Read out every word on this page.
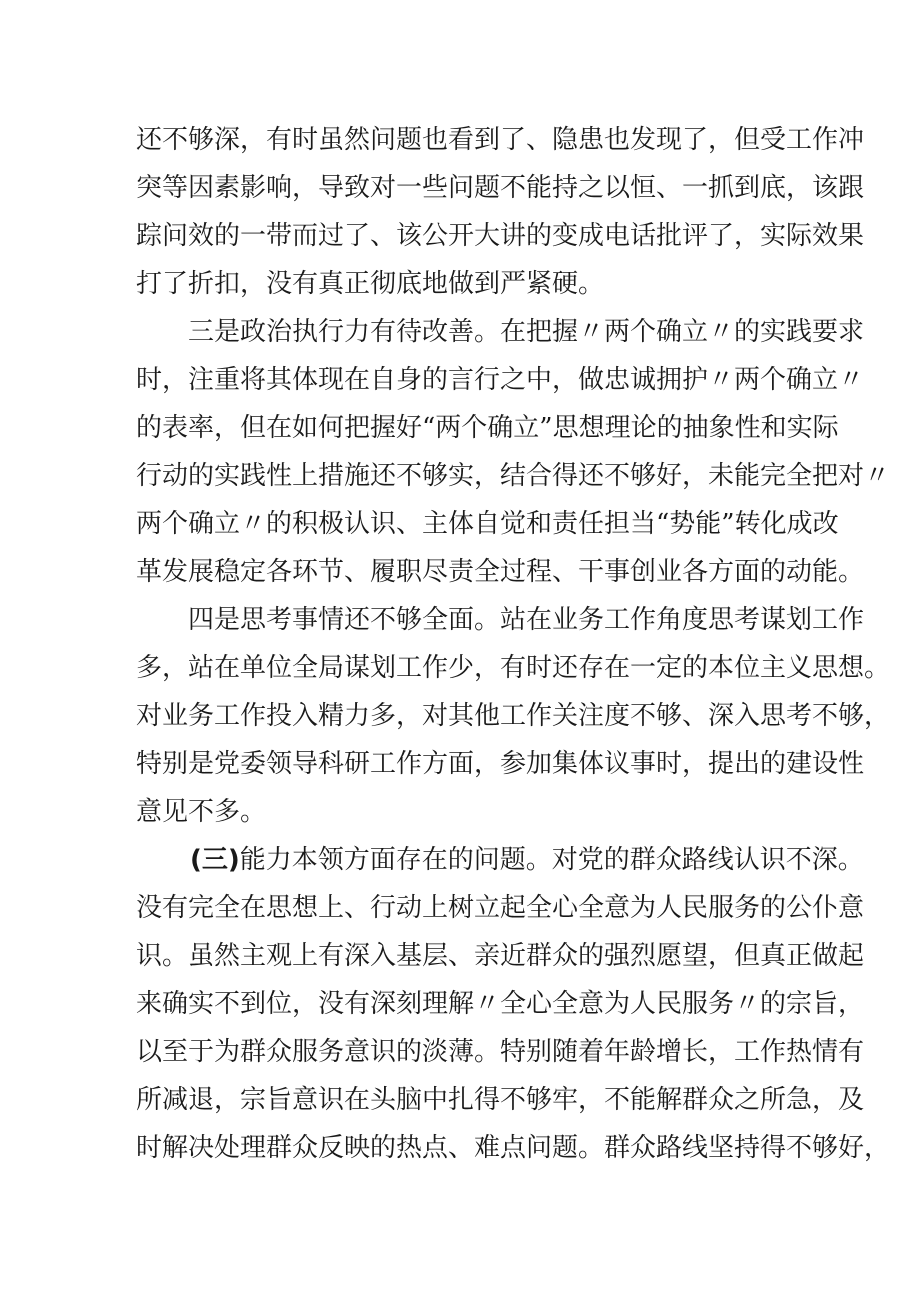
还不够深，有时虽然问题也看到了、隐患也发现了，但受工作冲
突等因素影响，导致对一些问题不能持之以恒、一抓到底，该跟
踪问效的一带而过了、该公开大讲的变成电话批评了，实际效果
打了折扣，没有真正彻底地做到严紧硬。
三是政治执行力有待改善。在把握〃两个确立〃的实践要求
时，注重将其体现在自身的言行之中，做忠诚拥护〃两个确立〃
的表率，但在如何把握好“两个确立”思想理论的抽象性和实际
行动的实践性上措施还不够实，结合得还不够好，未能完全把对〃
两个确立〃的积极认识、主体自觉和责任担当“势能”转化成改
革发展稳定各环节、履职尽责全过程、干事创业各方面的动能。
四是思考事情还不够全面。站在业务工作角度思考谋划工作
多，站在单位全局谋划工作少，有时还存在一定的本位主义思想。
对业务工作投入精力多，对其他工作关注度不够、深入思考不够，
特别是党委领导科研工作方面，参加集体议事时，提出的建设性
意见不多。
(三)能力本领方面存在的问题。对党的群众路线认识不深。
没有完全在思想上、行动上树立起全心全意为人民服务的公仆意
识。虽然主观上有深入基层、亲近群众的强烈愿望，但真正做起
来确实不到位，没有深刻理解〃全心全意为人民服务〃的宗旨，
以至于为群众服务意识的淡薄。特别随着年龄增长，工作热情有
所减退，宗旨意识在头脑中扎得不够牢，不能解群众之所急，及
时解决处理群众反映的热点、难点问题。群众路线坚持得不够好，
